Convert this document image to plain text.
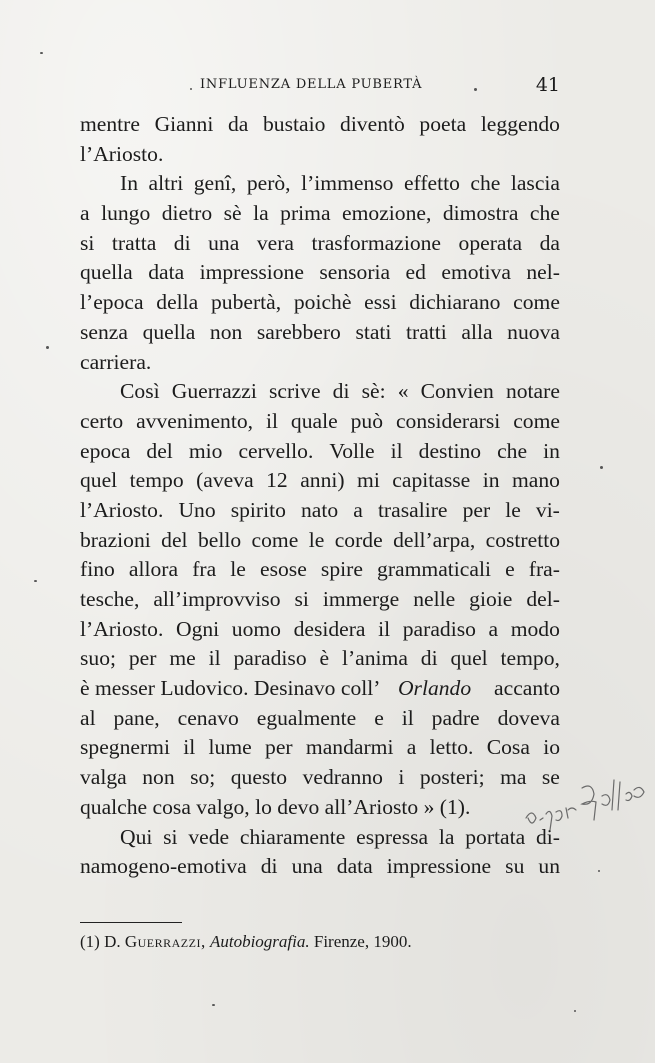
INFLUENZA DELLA PUBERTÀ	41
mentre Gianni da bustaio diventò poeta leggendo
l’Ariosto.
In altri genî, però, l’immenso effetto che lascia
a lungo dietro sè la prima emozione, dimostra che
si tratta di una vera trasformazione operata da
quella data impressione sensoria ed emotiva nel-
l’epoca della pubertà, poichè essi dichiarano come
senza quella non sarebbero stati tratti alla nuova
carriera.
Così Guerrazzi scrive di sè: « Convien notare
certo avvenimento, il quale può considerarsi come
epoca del mio cervello. Volle il destino che in
quel tempo (aveva 12 anni) mi capitasse in mano
l’Ariosto. Uno spirito nato a trasalire per le vi-
brazioni del bello come le corde dell’arpa, costretto
fino allora fra le esose spire grammaticali e fra-
tesche, all’improvviso si immerge nelle gioie del-
l’Ariosto. Ogni uomo desidera il paradiso a modo
suo; per me il paradiso è l’anima di quel tempo,
è messer Ludovico. Desinavo coll’ Orlando accanto
al pane, cenavo egualmente e il padre doveva
spegnermi il lume per mandarmi a letto. Cosa io
valga non so; questo vedranno i posteri; ma se
qualche cosa valgo, lo devo all’Ariosto » (1).
Qui si vede chiaramente espressa la portata di-
namogeno-emotiva di una data impressione su un
(1) D. Guerrazzi, Autobiografia. Firenze, 1900.
